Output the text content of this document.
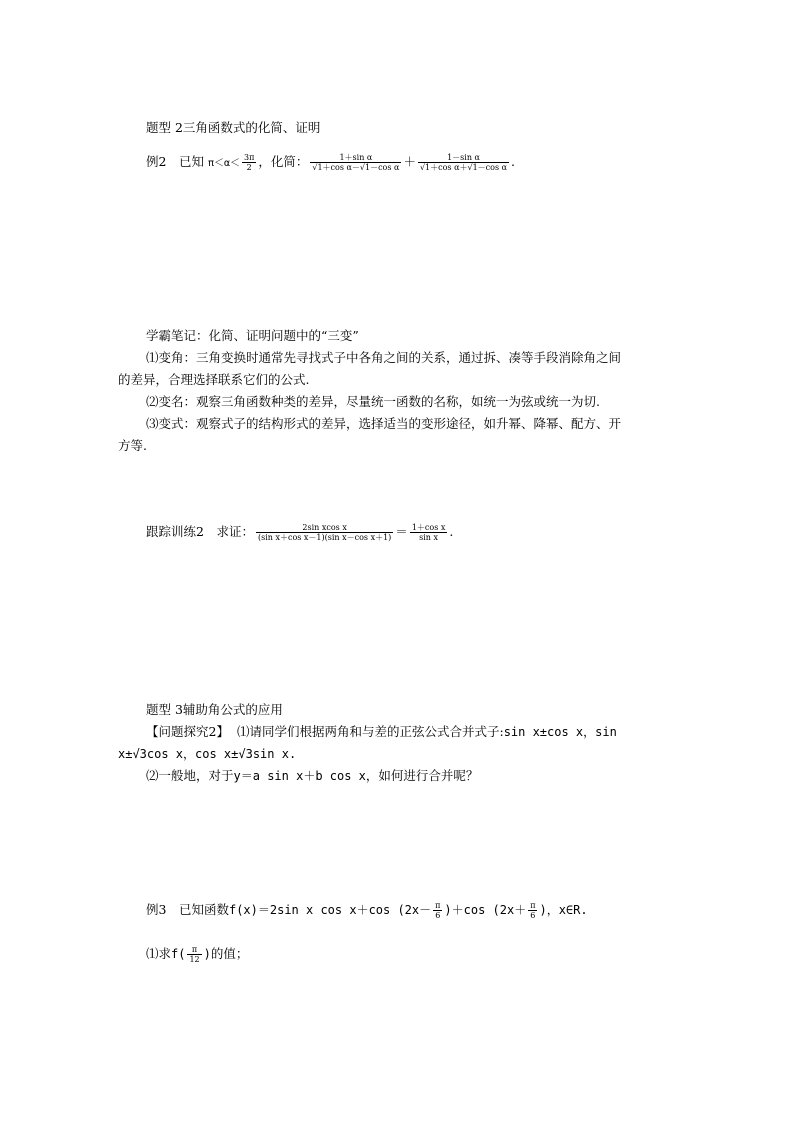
题型 2三角函数式的化简、证明
例2　已知 $\pi<\alpha< \frac{3\pi}{2}$ ，化简： $\frac{\text{1＋sin α}}{\text{√1＋cos α－√1－cos α}} + \frac{\text{1－sin α}}{\text{√1＋cos α＋√1－cos α}}$ .
学霸笔记：化简、证明问题中的“三变”
⑴变角：三角变换时通常先寻找式子中各角之间的关系，通过拆、凑等手段消除角之间
的差异，合理选择联系它们的公式.
⑵变名：观察三角函数种类的差异，尽量统一函数的名称，如统一为弦或统一为切.
⑶变式：观察式子的结构形式的差异，选择适当的变形途径，如升幂、降幂、配方、开
方等.
跟踪训练2　求证： $\frac{\text{2sin xcos x}}{\text{(sin x＋cos x－1)(sin x－cos x＋1)}} = \frac{\text{1＋cos x}}{\text{sin x}}$ .
题型 3辅助角公式的应用
【问题探究2】 ⑴请同学们根据两角和与差的正弦公式合并式子:sin x±cos x，sin
x±√3cos x，cos x±√3sin x.
⑵一般地，对于y＝a sin x＋b cos x，如何进行合并呢？
例3　已知函数f(x)＝2sin x cos x＋cos $(2x- \frac{\pi}{6} )+\cos$ ($2x+ \frac{\pi}{6}$ )，x∈R.
⑴求$f( \frac{\pi}{12}$ )的值；
